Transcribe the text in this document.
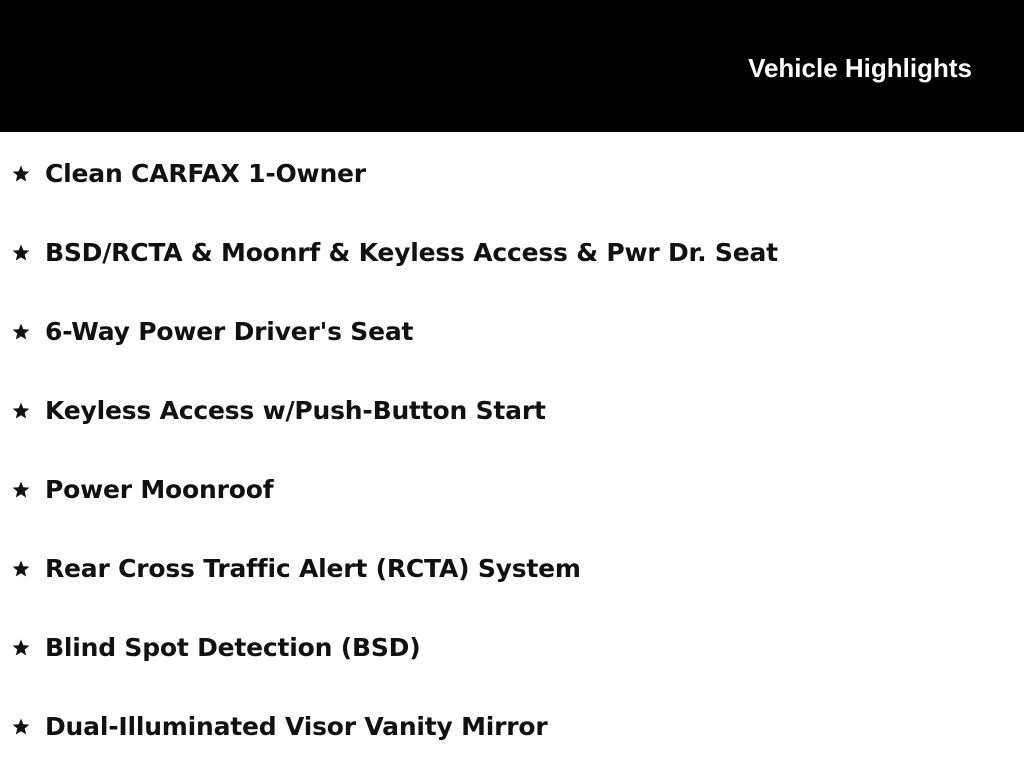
Vehicle Highlights
Clean CARFAX 1-Owner
BSD/RCTA & Moonrf & Keyless Access & Pwr Dr. Seat
6-Way Power Driver's Seat
Keyless Access w/Push-Button Start
Power Moonroof
Rear Cross Traffic Alert (RCTA) System
Blind Spot Detection (BSD)
Dual-Illuminated Visor Vanity Mirror
